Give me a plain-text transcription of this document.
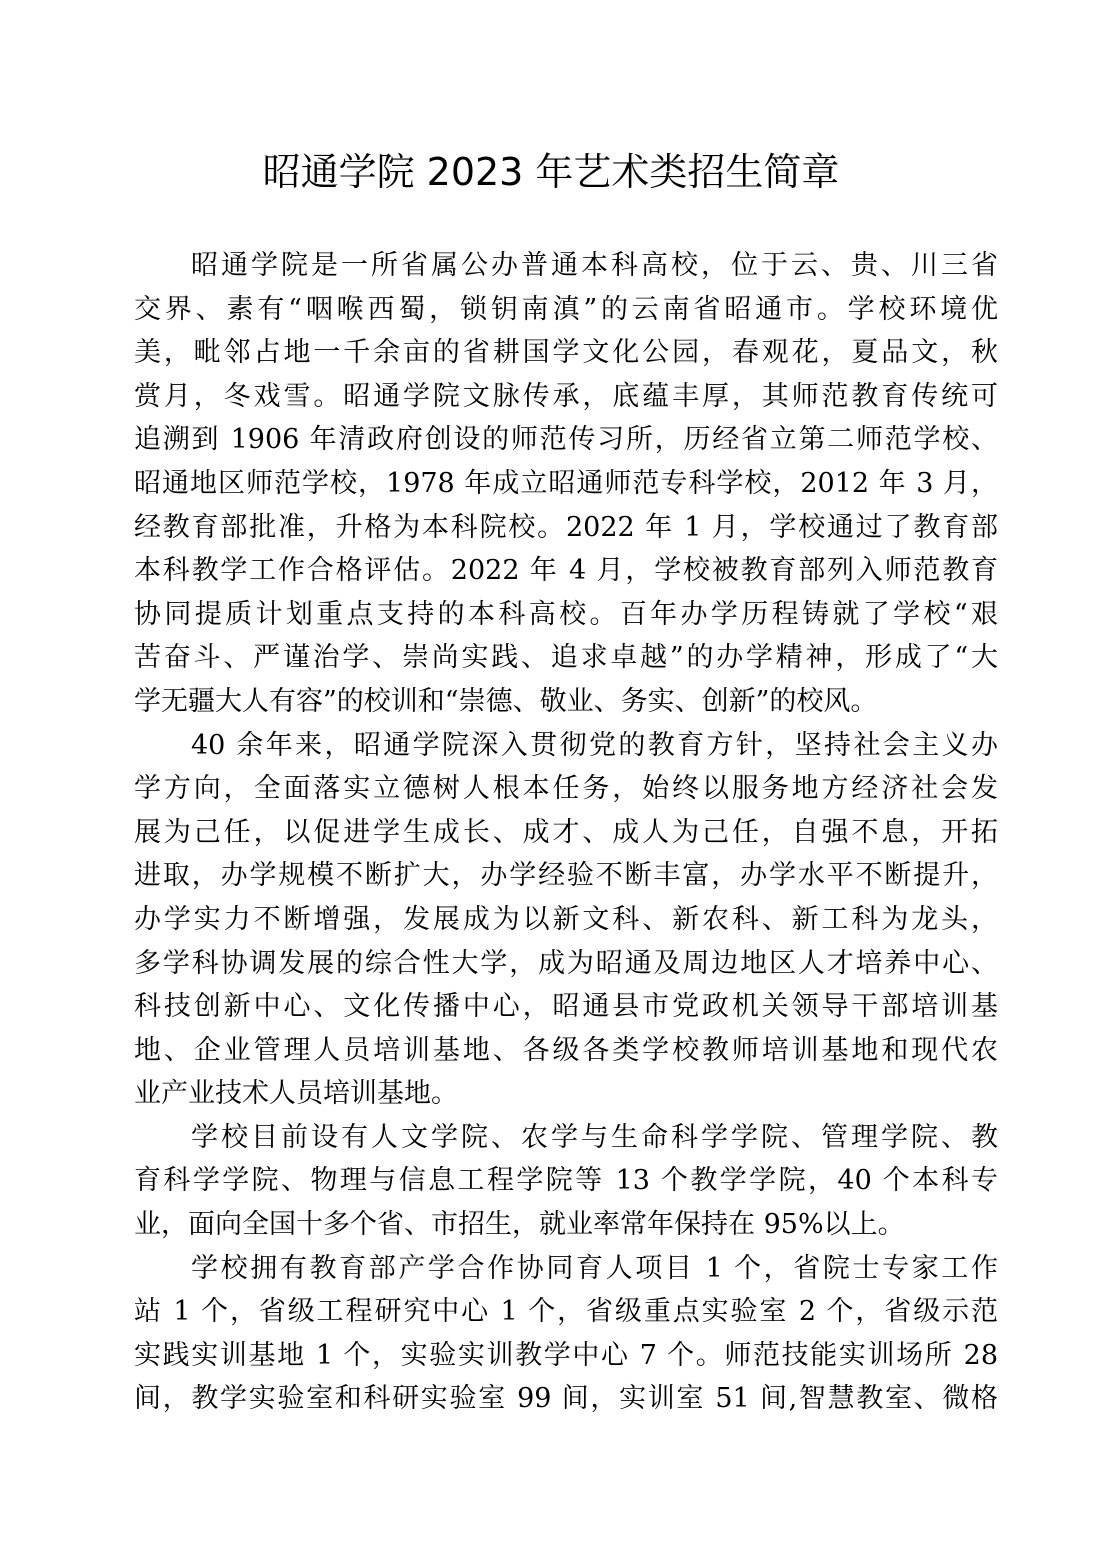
昭通学院 2023 年艺术类招生简章
昭通学院是一所省属公办普通本科高校，位于云、贵、川三省
交界、素有“咽喉西蜀，锁钥南滇”的云南省昭通市。学校环境优
美，毗邻占地一千余亩的省耕国学文化公园，春观花，夏品文，秋
赏月，冬戏雪。昭通学院文脉传承，底蕴丰厚，其师范教育传统可
追溯到 1906 年清政府创设的师范传习所，历经省立第二师范学校、
昭通地区师范学校，1978 年成立昭通师范专科学校，2012 年 3 月，
经教育部批准，升格为本科院校。2022 年 1 月，学校通过了教育部
本科教学工作合格评估。2022 年 4 月，学校被教育部列入师范教育
协同提质计划重点支持的本科高校。百年办学历程铸就了学校“艰
苦奋斗、严谨治学、崇尚实践、追求卓越”的办学精神，形成了“大
学无疆大人有容”的校训和“崇德、敬业、务实、创新”的校风。
40 余年来，昭通学院深入贯彻党的教育方针，坚持社会主义办
学方向，全面落实立德树人根本任务，始终以服务地方经济社会发
展为己任，以促进学生成长、成才、成人为己任，自强不息，开拓
进取，办学规模不断扩大，办学经验不断丰富，办学水平不断提升，
办学实力不断增强，发展成为以新文科、新农科、新工科为龙头，
多学科协调发展的综合性大学，成为昭通及周边地区人才培养中心、
科技创新中心、文化传播中心，昭通县市党政机关领导干部培训基
地、企业管理人员培训基地、各级各类学校教师培训基地和现代农
业产业技术人员培训基地。
学校目前设有人文学院、农学与生命科学学院、管理学院、教
育科学学院、物理与信息工程学院等 13 个教学学院，40 个本科专
业，面向全国十多个省、市招生，就业率常年保持在 95%以上。
学校拥有教育部产学合作协同育人项目 1 个，省院士专家工作
站 1 个，省级工程研究中心 1 个，省级重点实验室 2 个，省级示范
实践实训基地 1 个，实验实训教学中心 7 个。师范技能实训场所 28
间，教学实验室和科研实验室 99 间，实训室 51 间,智慧教室、微格
